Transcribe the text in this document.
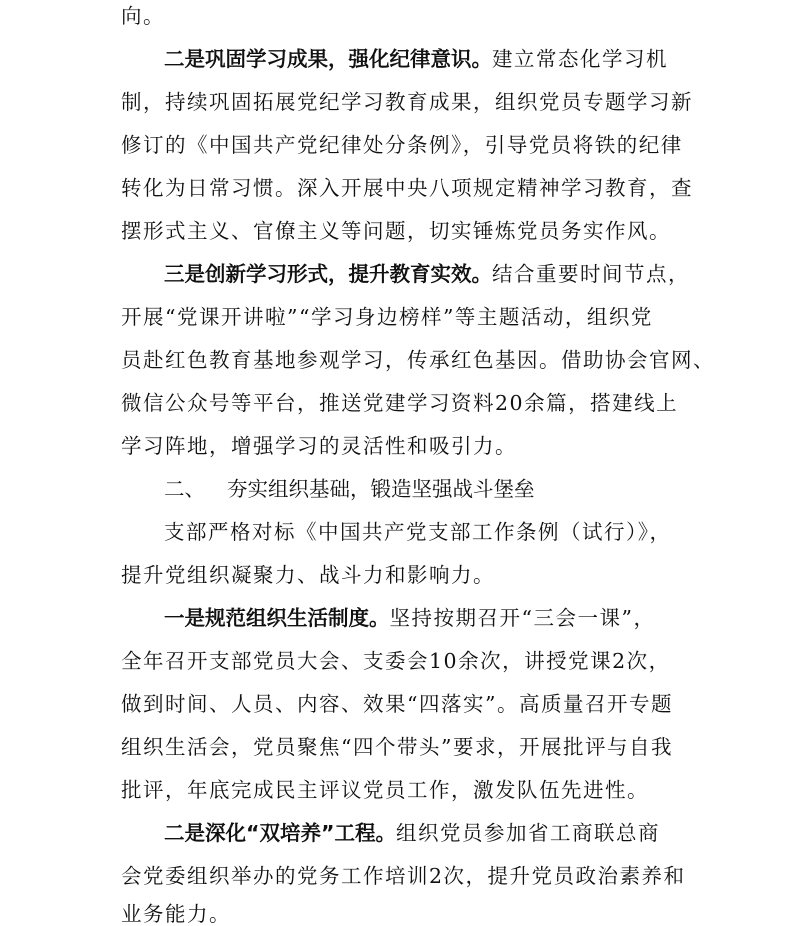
向。
二是巩固学习成果，强化纪律意识。建立常态化学习机
制，持续巩固拓展党纪学习教育成果，组织党员专题学习新
修订的《中国共产党纪律处分条例》，引导党员将铁的纪律
转化为日常习惯。深入开展中央八项规定精神学习教育，查
摆形式主义、官僚主义等问题，切实锤炼党员务实作风。
三是创新学习形式，提升教育实效。结合重要时间节点，
开展“党课开讲啦”“学习身边榜样”等主题活动，组织党
员赴红色教育基地参观学习，传承红色基因。借助协会官网、
微信公众号等平台，推送党建学习资料20余篇，搭建线上
学习阵地，增强学习的灵活性和吸引力。
二、 夯实组织基础，锻造坚强战斗堡垒
支部严格对标《中国共产党支部工作条例（试行）》，
提升党组织凝聚力、战斗力和影响力。
一是规范组织生活制度。坚持按期召开“三会一课”，
全年召开支部党员大会、支委会10余次，讲授党课2次，
做到时间、人员、内容、效果“四落实”。高质量召开专题
组织生活会，党员聚焦“四个带头”要求，开展批评与自我
批评，年底完成民主评议党员工作，激发队伍先进性。
二是深化“双培养”工程。组织党员参加省工商联总商
会党委组织举办的党务工作培训2次，提升党员政治素养和
业务能力。
